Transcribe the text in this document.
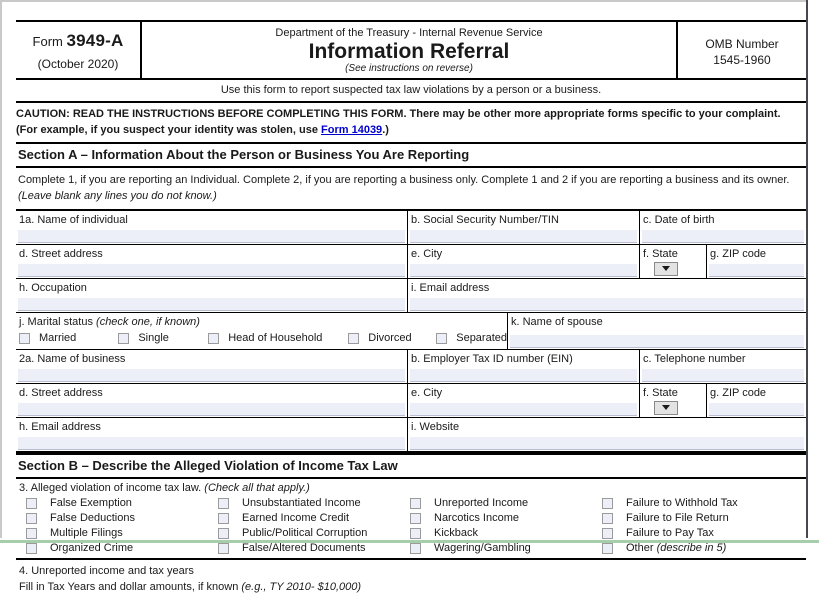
Form 3949-A
(October 2020)
Department of the Treasury - Internal Revenue Service
Information Referral
(See instructions on reverse)
OMB Number
1545-1960
Use this form to report suspected tax law violations by a person or a business.
CAUTION: READ THE INSTRUCTIONS BEFORE COMPLETING THIS FORM. There may be other more appropriate forms specific to your complaint.
(For example, if you suspect your identity was stolen, use Form 14039.)
Section A – Information About the Person or Business You Are Reporting
Complete 1, if you are reporting an Individual. Complete 2, if you are reporting a business only. Complete 1 and 2 if you are reporting a business and its owner.
(Leave blank any lines you do not know.)
1a. Name of individual	b. Social Security Number/TIN	c. Date of birth
d. Street address	e. City	f. State	g. ZIP code
h. Occupation	i. Email address
j. Marital status (check one, if known)
Married	Single	Head of Household	Divorced	Separated
k. Name of spouse
2a. Name of business	b. Employer Tax ID number (EIN)	c. Telephone number
d. Street address	e. City	f. State	g. ZIP code
h. Email address	i. Website
Section B – Describe the Alleged Violation of Income Tax Law
3. Alleged violation of income tax law. (Check all that apply.)
False Exemption
False Deductions
Multiple Filings
Organized Crime
Unsubstantiated Income
Earned Income Credit
Public/Political Corruption
False/Altered Documents
Unreported Income
Narcotics Income
Kickback
Wagering/Gambling
Failure to Withhold Tax
Failure to File Return
Failure to Pay Tax
Other (describe in 5)
4. Unreported income and tax years
Fill in Tax Years and dollar amounts, if known (e.g., TY 2010- $10,000)
